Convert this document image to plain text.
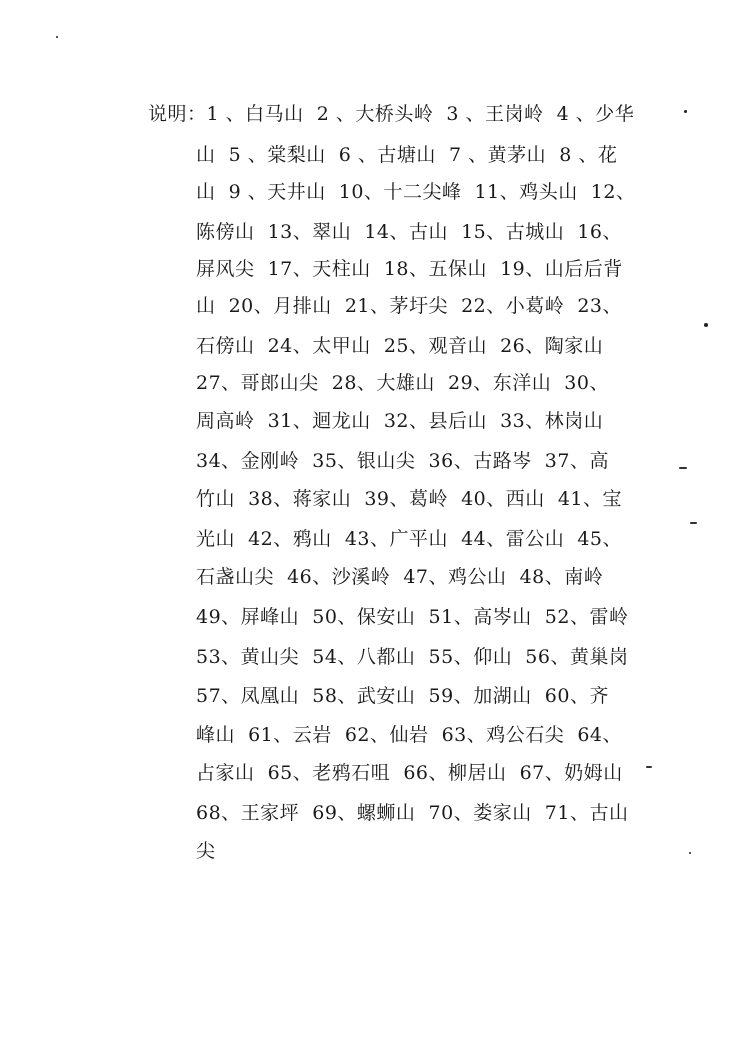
说明：1 、白马山  2 、大桥头岭  3 、王岗岭  4 、少华
山  5 、棠梨山  6 、古塘山  7 、黄茅山  8 、花
山  9 、天井山  10、十二尖峰  11、鸡头山  12、
陈傍山  13、翠山  14、古山  15、古城山  16、
屏风尖  17、天柱山  18、五保山  19、山后后背
山  20、月排山  21、茅圩尖  22、小葛岭  23、
石傍山  24、太甲山  25、观音山  26、陶家山
27、哥郎山尖  28、大雄山  29、东洋山  30、
周高岭  31、迴龙山  32、县后山  33、林岗山
34、金刚岭  35、银山尖  36、古路岑  37、高
竹山  38、蒋家山  39、葛岭  40、西山  41、宝
光山  42、鸦山  43、广平山  44、雷公山  45、
石盏山尖  46、沙溪岭  47、鸡公山  48、南岭
49、屏峰山  50、保安山  51、高岑山  52、雷岭
53、黄山尖  54、八都山  55、仰山  56、黄巢岗
57、凤凰山  58、武安山  59、加湖山  60、齐
峰山  61、云岩  62、仙岩  63、鸡公石尖  64、
占家山  65、老鸦石咀  66、柳居山  67、奶姆山
68、王家坪  69、螺蛳山  70、娄家山  71、古山
尖
